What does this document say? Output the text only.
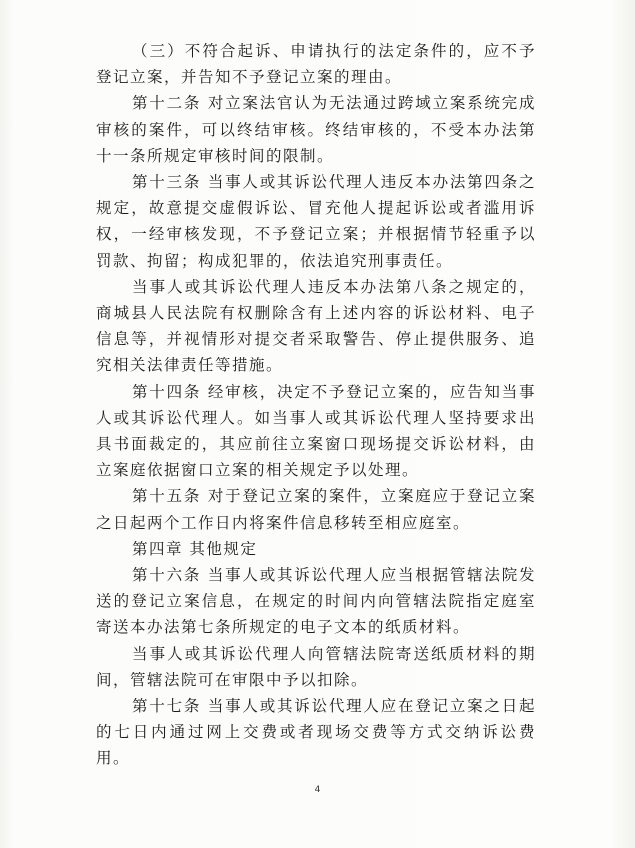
（三）不符合起诉、申请执行的法定条件的，应不予登记立案，并告知不予登记立案的理由。

第十二条 对立案法官认为无法通过跨域立案系统完成审核的案件，可以终结审核。终结审核的，不受本办法第十一条所规定审核时间的限制。

第十三条 当事人或其诉讼代理人违反本办法第四条之规定，故意提交虚假诉讼、冒充他人提起诉讼或者滥用诉权，一经审核发现，不予登记立案；并根据情节轻重予以罚款、拘留；构成犯罪的，依法追究刑事责任。

当事人或其诉讼代理人违反本办法第八条之规定的，商城县人民法院有权删除含有上述内容的诉讼材料、电子信息等，并视情形对提交者采取警告、停止提供服务、追究相关法律责任等措施。

第十四条 经审核，决定不予登记立案的，应告知当事人或其诉讼代理人。如当事人或其诉讼代理人坚持要求出具书面裁定的，其应前往立案窗口现场提交诉讼材料，由立案庭依据窗口立案的相关规定予以处理。

第十五条 对于登记立案的案件，立案庭应于登记立案之日起两个工作日内将案件信息移转至相应庭室。

第四章 其他规定

第十六条 当事人或其诉讼代理人应当根据管辖法院发送的登记立案信息，在规定的时间内向管辖法院指定庭室寄送本办法第七条所规定的电子文本的纸质材料。

当事人或其诉讼代理人向管辖法院寄送纸质材料的期间，管辖法院可在审限中予以扣除。

第十七条 当事人或其诉讼代理人应在登记立案之日起的七日内通过网上交费或者现场交费等方式交纳诉讼费用。

4
